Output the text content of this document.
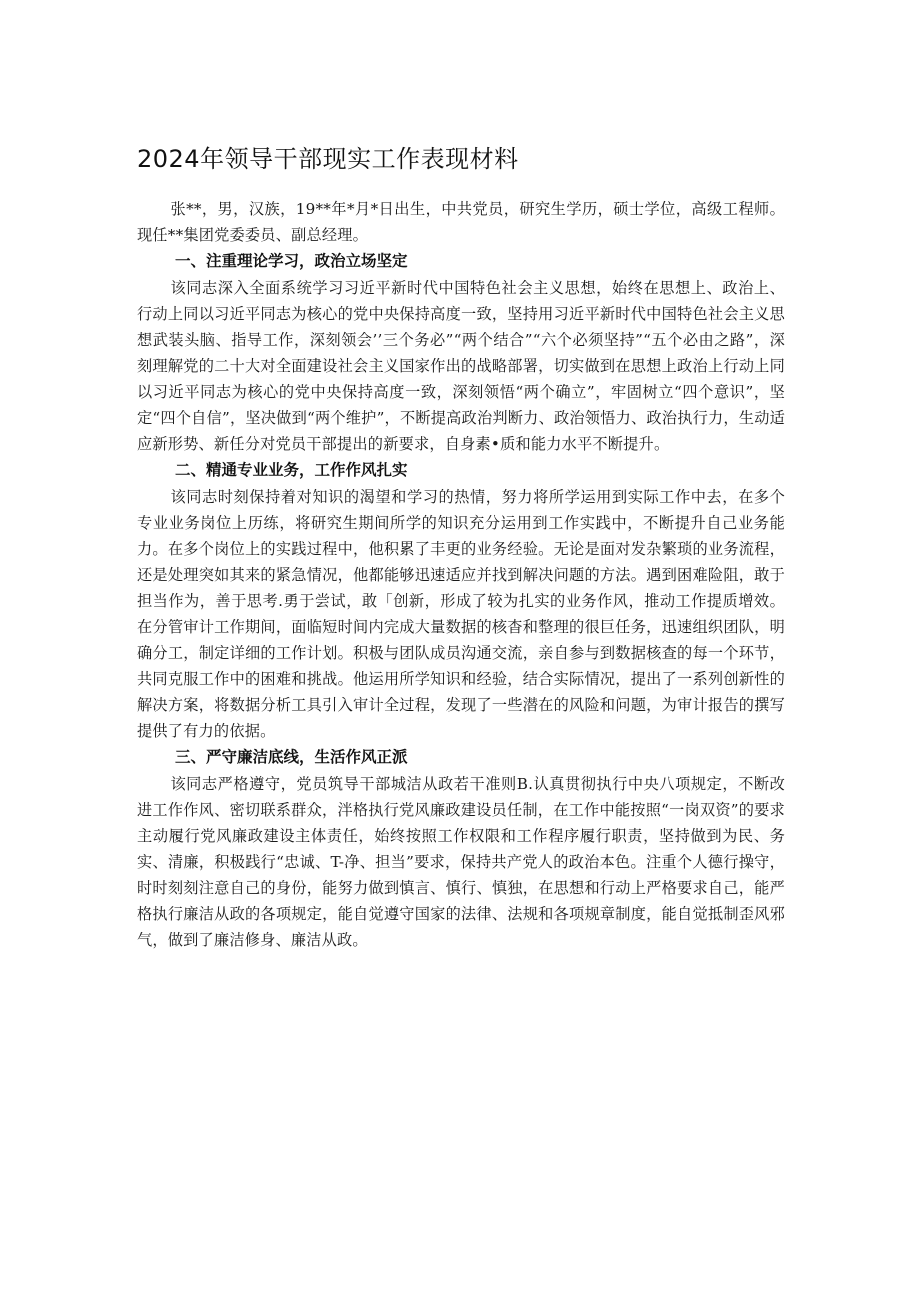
2024年领导干部现实工作表现材料

张**，男，汉族，19**年*月*日出生，中共党员，研究生学历，硕士学位，高级工程师。现任**集团党委委员、副总经理。

一、注重理论学习，政治立场坚定

该同志深入全面系统学习习近平新时代中国特色社会主义思想，始终在思想上、政治上、行动上同以习近平同志为核心的党中央保持高度一致，坚持用习近平新时代中国特色社会主义思想武装头脑、指导工作，深刻领会’’三个务必”“两个结合”“六个必须坚持”“五个必由之路”，深刻理解党的二十大对全面建设社会主义国家作出的战略部署，切实做到在思想上政治上行动上同以习近平同志为核心的党中央保持高度一致，深刻领悟“两个确立”，牢固树立“四个意识”，坚定“四个自信”，坚决做到“两个维护”，不断提高政治判断力、政治领悟力、政治执行力，生动适应新形势、新任分对党员干部提出的新要求，自身素•质和能力水平不断提升。

二、精通专业业务，工作作风扎实

该同志时刻保持着对知识的渴望和学习的热情，努力将所学运用到实际工作中去，在多个专业业务岗位上历练，将研究生期间所学的知识充分运用到工作实践中，不断提升自己业务能力。在多个岗位上的实践过程中，他积累了丰更的业务经验。无论是面对发杂繁琐的业务流程，还是处理突如其来的紧急情况，他都能够迅速适应并找到解决问题的方法。遇到困难险阻，敢于担当作为，善于思考.勇于尝试，敢「创新，形成了较为扎实的业务作风，推动工作提质增效。在分管审计工作期间，面临短时间内完成大量数据的核杳和整理的很巨任务，迅速组织团队，明确分工，制定详细的工作计划。积极与团队成员沟通交流，亲自参与到数据核查的每一个环节，共同克服工作中的困难和挑战。他运用所学知识和经验，结合实际情况，提出了一系列创新性的解决方案，将数据分析工具引入审计全过程，发现了一些潜在的风险和问题，为审计报告的撰写提供了有力的依据。

三、严守廉洁底线，生活作风正派

该同志严格遵守，党员筑导干部城洁从政若干准则B.认真贯彻执行中央八项规定，不断改进工作作风、密切联系群众，泮格执行党风廉政建设员任制，在工作中能按照“一岗双资”的要求主动履行党风廉政建设主体责任，始终按照工作权限和工作程序履行职责，坚持做到为民、务实、清廉，积极践行“忠诚、T-净、担当”要求，保持共产党人的政治本色。注重个人德行操守，时时刻刻注意自己的身份，能努力做到慎言、慎行、慎独，在思想和行动上严格要求自己，能严格执行廉洁从政的各项规定，能自觉遵守国家的法律、法规和各项规章制度，能自觉抵制歪风邪气，做到了廉洁修身、廉洁从政。
